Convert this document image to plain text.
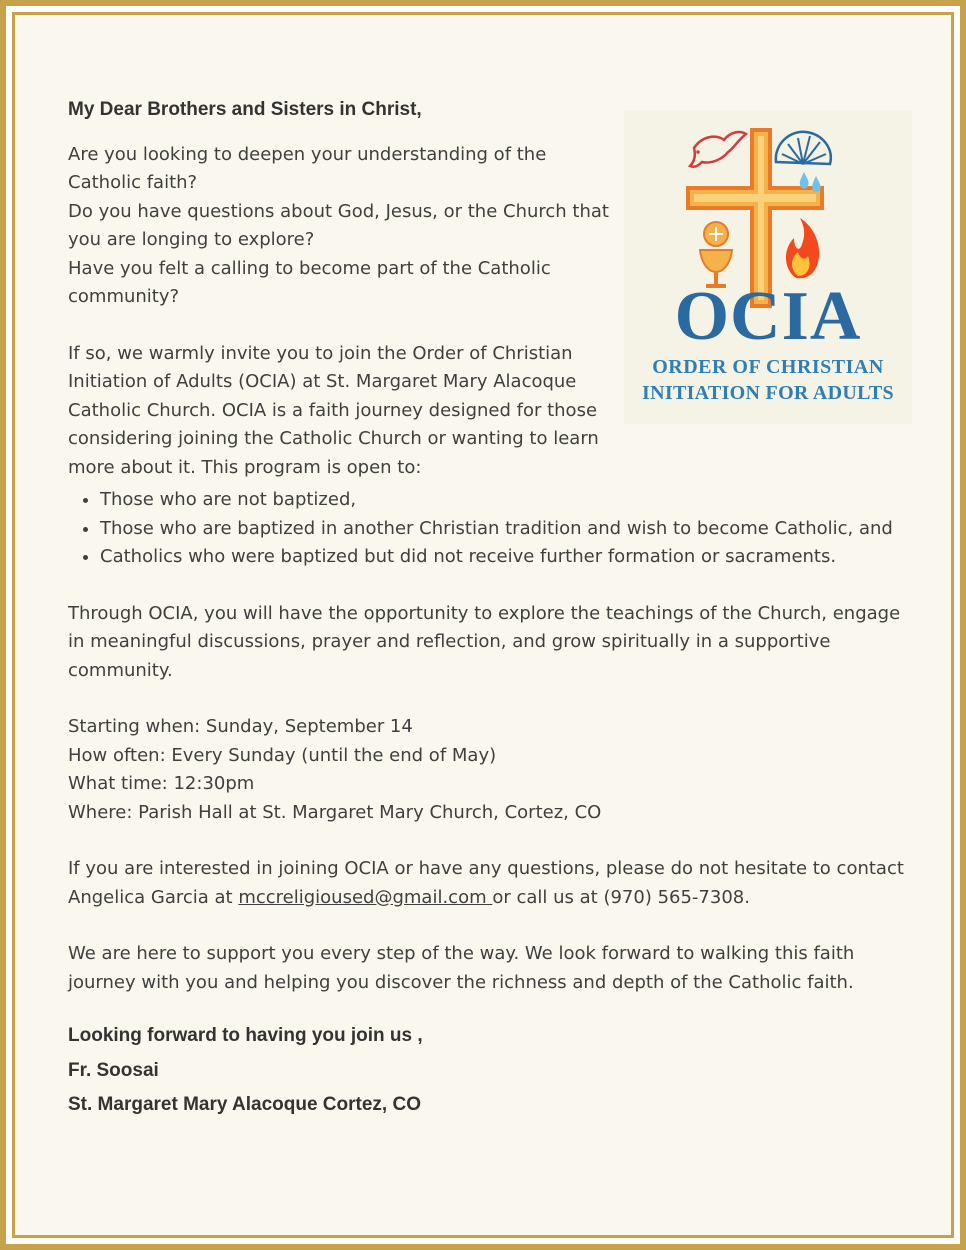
OCIA
ORDER OF CHRISTIAN
INITIATION FOR ADULTS

My Dear Brothers and Sisters in Christ,

Are you looking to deepen your understanding of the Catholic faith?

Do you have questions about God, Jesus, or the Church that you are longing to explore?

Have you felt a calling to become part of the Catholic community?

If so, we warmly invite you to join the Order of Christian Initiation of Adults (OCIA) at St. Margaret Mary Alacoque Catholic Church. OCIA is a faith journey designed for those considering joining the Catholic Church or wanting to learn more about it. This program is open to:

• Those who are not baptized,
• Those who are baptized in another Christian tradition and wish to become Catholic, and
• Catholics who were baptized but did not receive further formation or sacraments.

Through OCIA, you will have the opportunity to explore the teachings of the Church, engage in meaningful discussions, prayer and reflection, and grow spiritually in a supportive community.

Starting when: Sunday, September 14

How often: Every Sunday (until the end of May)

What time: 12:30pm

Where: Parish Hall at St. Margaret Mary Church, Cortez, CO

If you are interested in joining OCIA or have any questions, please do not hesitate to contact Angelica Garcia at mccreligioused@gmail.com or call us at (970) 565-7308.

We are here to support you every step of the way. We look forward to walking this faith journey with you and helping you discover the richness and depth of the Catholic faith.

Looking forward to having you join us ,
Fr. Soosai
St. Margaret Mary Alacoque Cortez, CO
